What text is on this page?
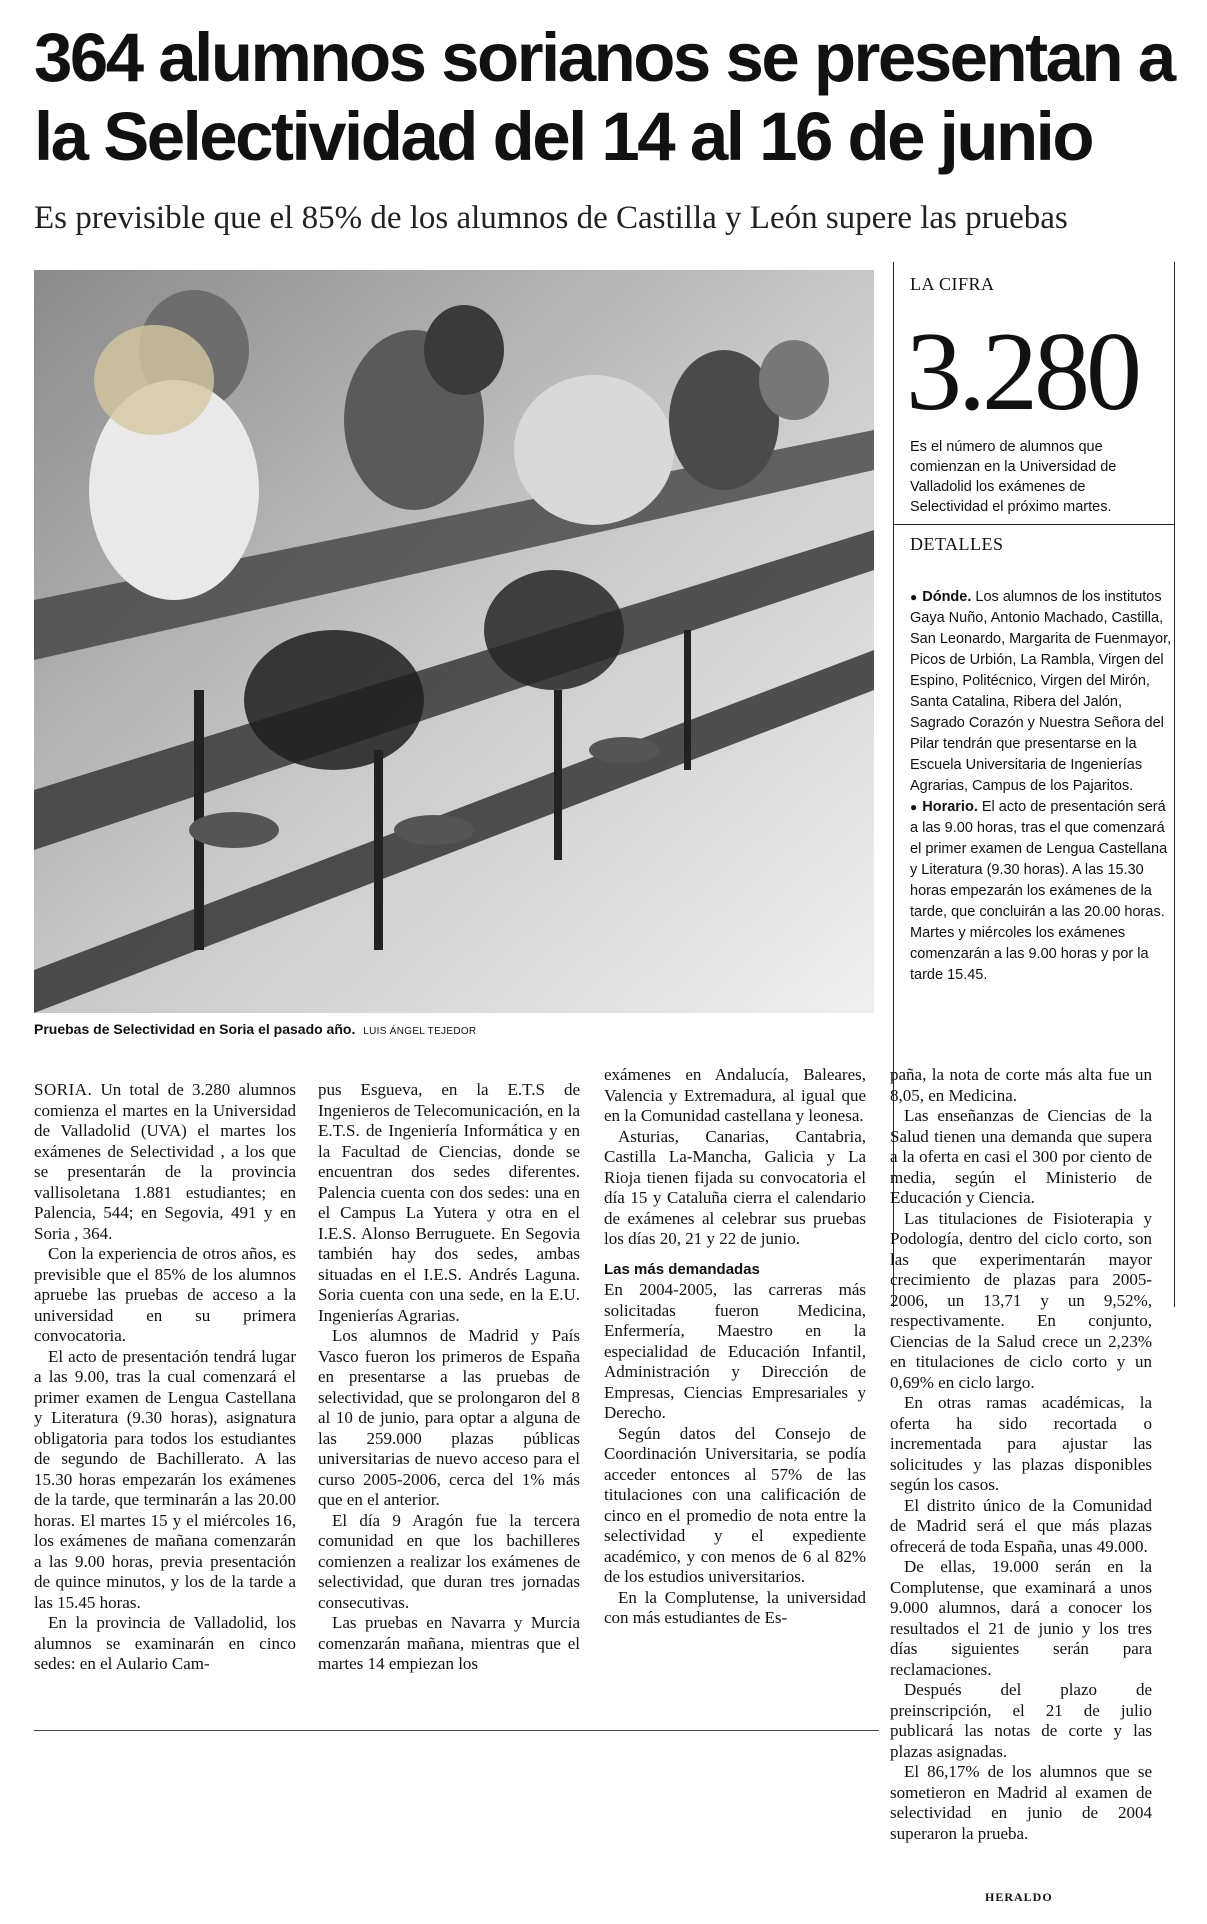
364 alumnos sorianos se presentan a la Selectividad del 14 al 16 de junio

Es previsible que el 85% de los alumnos de Castilla y León supere las pruebas

Pruebas de Selectividad en Soria el pasado año. LUIS ÁNGEL TEJEDOR
LA CIFRA
3.280
Es el número de alumnos que comienzan en la Universidad de Valladolid los exámenes de Selectividad el próximo martes.
DETALLES

● Dónde. Los alumnos de los institutos Gaya Nuño, Antonio Machado, Castilla, San Leonardo, Margarita de Fuenmayor, Picos de Urbión, La Rambla, Virgen del Espino, Politécnico, Virgen del Mirón, Santa Catalina, Ribera del Jalón, Sagrado Corazón y Nuestra Señora del Pilar tendrán que presentarse en la Escuela Universitaria de Ingenierías Agrarias, Campus de los Pajaritos.

● Horario. El acto de presentación será a las 9.00 horas, tras el que comenzará el primer examen de Lengua Castellana y Literatura (9.30 horas). A las 15.30 horas empezarán los exámenes de la tarde, que concluirán a las 20.00 horas. Martes y miércoles los exámenes comenzarán a las 9.00 horas y por la tarde 15.45.

SORIA. Un total de 3.280 alumnos comienza el martes en la Universidad de Valladolid (UVA) el martes los exámenes de Selectividad , a los que se presentarán de la provincia vallisoletana 1.881 estudiantes; en Palencia, 544; en Segovia, 491 y en Soria , 364.

Con la experiencia de otros años, es previsible que el 85% de los alumnos apruebe las pruebas de acceso a la universidad en su primera convocatoria.

El acto de presentación tendrá lugar a las 9.00, tras la cual comenzará el primer examen de Lengua Castellana y Literatura (9.30 horas), asignatura obligatoria para todos los estudiantes de segundo de Bachillerato. A las 15.30 horas empezarán los exámenes de la tarde, que terminarán a las 20.00 horas. El martes 15 y el miércoles 16, los exámenes de mañana comenzarán a las 9.00 horas, previa presentación de quince minutos, y los de la tarde a las 15.45 horas.

En la provincia de Valladolid, los alumnos se examinarán en cinco sedes: en el Aulario Cam-

pus Esgueva, en la E.T.S de Ingenieros de Telecomunicación, en la E.T.S. de Ingeniería Informática y en la Facultad de Ciencias, donde se encuentran dos sedes diferentes. Palencia cuenta con dos sedes: una en el Campus La Yutera y otra en el I.E.S. Alonso Berruguete. En Segovia también hay dos sedes, ambas situadas en el I.E.S. Andrés Laguna. Soria cuenta con una sede, en la E.U. Ingenierías Agrarias.

Los alumnos de Madrid y País Vasco fueron los primeros de España en presentarse a las pruebas de selectividad, que se prolongaron del 8 al 10 de junio, para optar a alguna de las 259.000 plazas públicas universitarias de nuevo acceso para el curso 2005-2006, cerca del 1% más que en el anterior.

El día 9 Aragón fue la tercera comunidad en que los bachilleres comienzen a realizar los exámenes de selectividad, que duran tres jornadas consecutivas.

Las pruebas en Navarra y Murcia comenzarán mañana, mientras que el martes 14 empiezan los

exámenes en Andalucía, Baleares, Valencia y Extremadura, al igual que en la Comunidad castellana y leonesa.

Asturias, Canarias, Cantabria, Castilla La-Mancha, Galicia y La Rioja tienen fijada su convocatoria el día 15 y Cataluña cierra el calendario de exámenes al celebrar sus pruebas los días 20, 21 y 22 de junio.

Las más demandadas

En 2004-2005, las carreras más solicitadas fueron Medicina, Enfermería, Maestro en la especialidad de Educación Infantil, Administración y Dirección de Empresas, Ciencias Empresariales y Derecho.

Según datos del Consejo de Coordinación Universitaria, se podía acceder entonces al 57% de las titulaciones con una calificación de cinco en el promedio de nota entre la selectividad y el expediente académico, y con menos de 6 al 82% de los estudios universitarios.

En la Complutense, la universidad con más estudiantes de Es-

paña, la nota de corte más alta fue un 8,05, en Medicina.

Las enseñanzas de Ciencias de la Salud tienen una demanda que supera a la oferta en casi el 300 por ciento de media, según el Ministerio de Educación y Ciencia.

Las titulaciones de Fisioterapia y Podología, dentro del ciclo corto, son las que experimentarán mayor crecimiento de plazas para 2005-2006, un 13,71 y un 9,52%, respectivamente. En conjunto, Ciencias de la Salud crece un 2,23% en titulaciones de ciclo corto y un 0,69% en ciclo largo.

En otras ramas académicas, la oferta ha sido recortada o incrementada para ajustar las solicitudes y las plazas disponibles según los casos.

El distrito único de la Comunidad de Madrid será el que más plazas ofrecerá de toda España, unas 49.000.

De ellas, 19.000 serán en la Complutense, que examinará a unos 9.000 alumnos, dará a conocer los resultados el 21 de junio y los tres días siguientes serán para reclamaciones.

Después del plazo de preinscripción, el 21 de julio publicará las notas de corte y las plazas asignadas.

El 86,17% de los alumnos que se sometieron en Madrid al examen de selectividad en junio de 2004 superaron la prueba.

HERALDO
